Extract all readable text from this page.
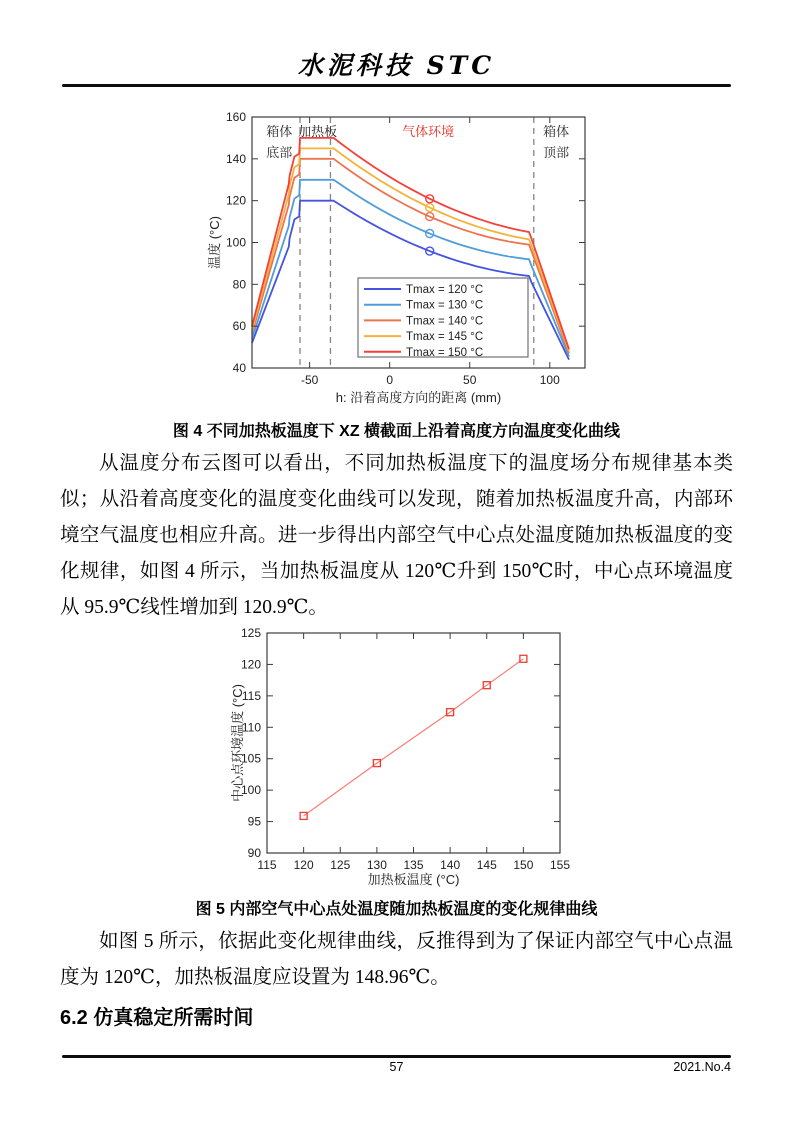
水泥科技 STC
-50	0	50	100
40
60
80
100
120
140
160
箱体
底部
加热板	气体环境	箱体
顶部
h: 沿着高度方向的距离 (mm)
温度 (°C)
Tmax = 120 °C
Tmax = 130 °C
Tmax = 140 °C
Tmax = 145 °C
Tmax = 150 °C
图 4 不同加热板温度下 XZ 横截面上沿着高度方向温度变化曲线
从温度分布云图可以看出，不同加热板温度下的温度场分布规律基本类似；从沿着高度变化的温度变化曲线可以发现，随着加热板温度升高，内部环境空气温度也相应升高。进一步得出内部空气中心点处温度随加热板温度的变化规律，如图 4 所示，当加热板温度从 120℃升到 150℃时，中心点环境温度从 95.9℃线性增加到 120.9℃。
115 120 125 130 135 140 145 150 155
90
95
100
105
110
115
120
125
加热板温度 (°C)
中心点环境温度 (°C)
图 5 内部空气中心点处温度随加热板温度的变化规律曲线
如图 5 所示，依据此变化规律曲线，反推得到为了保证内部空气中心点温度为 120℃，加热板温度应设置为 148.96℃。
6.2 仿真稳定所需时间
57	2021.No.4
